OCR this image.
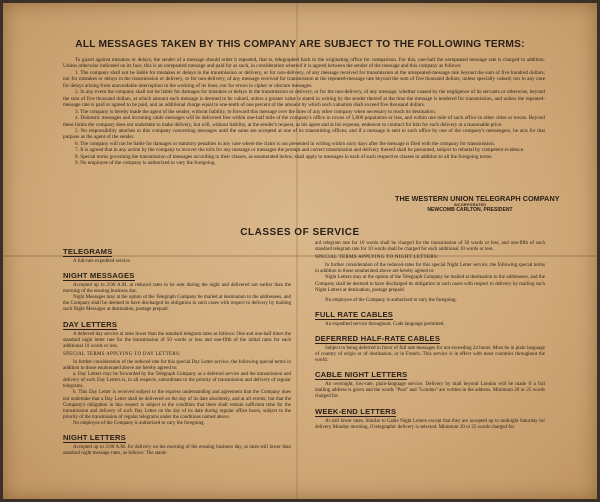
ALL MESSAGES TAKEN BY THIS COMPANY ARE SUBJECT TO THE FOLLOWING TERMS:

To guard against mistakes or delays, the sender of a message should order it repeated, that is, telegraphed back to the originating office for comparison. For this, one-half the unrepeated message rate is charged in addition. Unless otherwise indicated on its face, this is an unrepeated message and paid for as such, in consideration whereof it is agreed between the sender of the message and this company as follows:

1. The company shall not be liable for mistakes or delays in the transmission or delivery, or for non-delivery, of any message received for transmission at the unrepeated-message rate beyond the sum of five hundred dollars; nor for mistakes or delays in the transmission or delivery, or for non-delivery, of any message received for transmission at the repeated-message rate beyond the sum of five thousand dollars, unless specially valued; nor in any case for delays arising from unavoidable interruption in the working of its lines; nor for errors in cipher or obscure messages.

2. In any event the company shall not be liable for damages for mistakes or delays in the transmission or delivery, or for the non-delivery, of any message, whether caused by the negligence of its servants or otherwise, beyond the sum of five thousand dollars, at which amount each message is deemed to be valued, unless a greater value is stated in writing by the sender thereof at the time the message is tendered for transmission, and unless the repeated-message rate is paid or agreed to be paid, and an additional charge equal to one-tenth of one percent of the amount by which such valuation shall exceed five thousand dollars.

3. The company is hereby made the agent of the sender, without liability, to forward this message over the lines of any other company when necessary to reach its destination.

4. Domestic messages and incoming cable messages will be delivered free within one-half mile of the company's office in towns of 5,000 population or less, and within one mile of such office in other cities or towns. Beyond these limits the company does not undertake to make delivery, but will, without liability, at the sender's request, as his agent and at his expense, endeavor to contract for him for such delivery at a reasonable price.

5. No responsibility attaches to this company concerning messages until the same are accepted at one of its transmitting offices; and if a message is sent to such office by one of the company's messengers, he acts for that purpose as the agent of the sender.

6. The company will not be liable for damages or statutory penalties in any case where the claim is not presented in writing within sixty days after the message is filed with the company for transmission.

7. It is agreed that in any action by the company to recover the tolls for any message or messages the prompt and correct transmission and delivery thereof shall be presumed, subject to rebuttal by competent evidence.

8. Special terms governing the transmission of messages according to their classes, as enumerated below, shall apply to messages in each of such respective classes in addition to all the foregoing terms.

9. No employee of the company is authorized to vary the foregoing.

THE WESTERN UNION TELEGRAPH COMPANY
INCORPORATED
NEWCOMB CARLTON, PRESIDENT
CLASSES OF SERVICE
TELEGRAMS

A full-rate expedited service.

NIGHT MESSAGES

Accepted up to 2:00 A.M. at reduced rates to be sent during the night and delivered not earlier than the morning of the ensuing business day.

Night Messages may at the option of the Telegraph Company be mailed at destination to the addressees, and the Company shall be deemed to have discharged its obligation in such cases with respect to delivery by mailing such Night Messages at destination, postage prepaid.

DAY LETTERS

A deferred day service at rates lower than the standard telegram rates as follows: One and one-half times the standard night letter rate for the transmission of 50 words or less and one-fifth of the initial rates for each additional 10 words or less.

SPECIAL TERMS APPLYING TO DAY LETTERS:

In further consideration of the reduced rate for this special Day Letter service, the following special terms in addition to those enumerated above are hereby agreed to:

a. Day Letters may be forwarded by the Telegraph Company as a deferred service and the transmission and delivery of such Day Letters is, in all respects, subordinate to the priority of transmission and delivery of regular telegrams.

b. This Day Letter is received subject to the express understanding and agreement that the Company does not undertake that a Day Letter shall be delivered on the day of its date absolutely, and at all events; but that the Company's obligation in this respect is subject to the condition that there shall remain sufficient time for the transmission and delivery of such Day Letter on the day of its date during regular office hours, subject to the priority of the transmission of regular telegrams under the conditions named above.

No employee of the Company is authorized to vary the foregoing.

NIGHT LETTERS

Accepted up to 2:00 A.M. for delivery on the morning of the ensuing business day, at rates still lower than standard night message rates, as follows: The stand-

ard telegram rate for 10 words shall be charged for the transmission of 30 words or less, and one-fifth of such standard telegram rate for 10 words shall be charged for each additional 10 words or less.

SPECIAL TERMS APPLYING TO NIGHT LETTERS:

In further consideration of the reduced-rates for this special Night Letter service, the following special terms in addition to those enumerated above are hereby agreed to:

Night Letters may at the option of the Telegraph Company be mailed at destination to the addressees, and the Company shall be deemed to have discharged its obligation in such cases with respect to delivery by mailing such Night Letters at destination, postage prepaid.

No employee of the Company is authorized to vary the foregoing.

FULL RATE CABLES

An expedited service throughout. Code language permitted.

DEFERRED HALF-RATE CABLES

Subject to being deferred in favor of full rate messages for not exceeding 24 hours. Must be in plain language of country of origin or of destination, or in French. This service is in effect with most countries throughout the world.

CABLE NIGHT LETTERS

An overnight, low-rate, plain-language service. Delivery by mail beyond London will be made if a full mailing address is given and the words "Post" and "London" are written in the address. Minimum 20 or 25 words charged for.

WEEK-END LETTERS

At still lower rates. Similar to Cable Night Letters except that they are accepted up to midnight Saturday for delivery Monday morning, if telegraphic delivery is selected. Minimum 20 or 25 words charged for.
